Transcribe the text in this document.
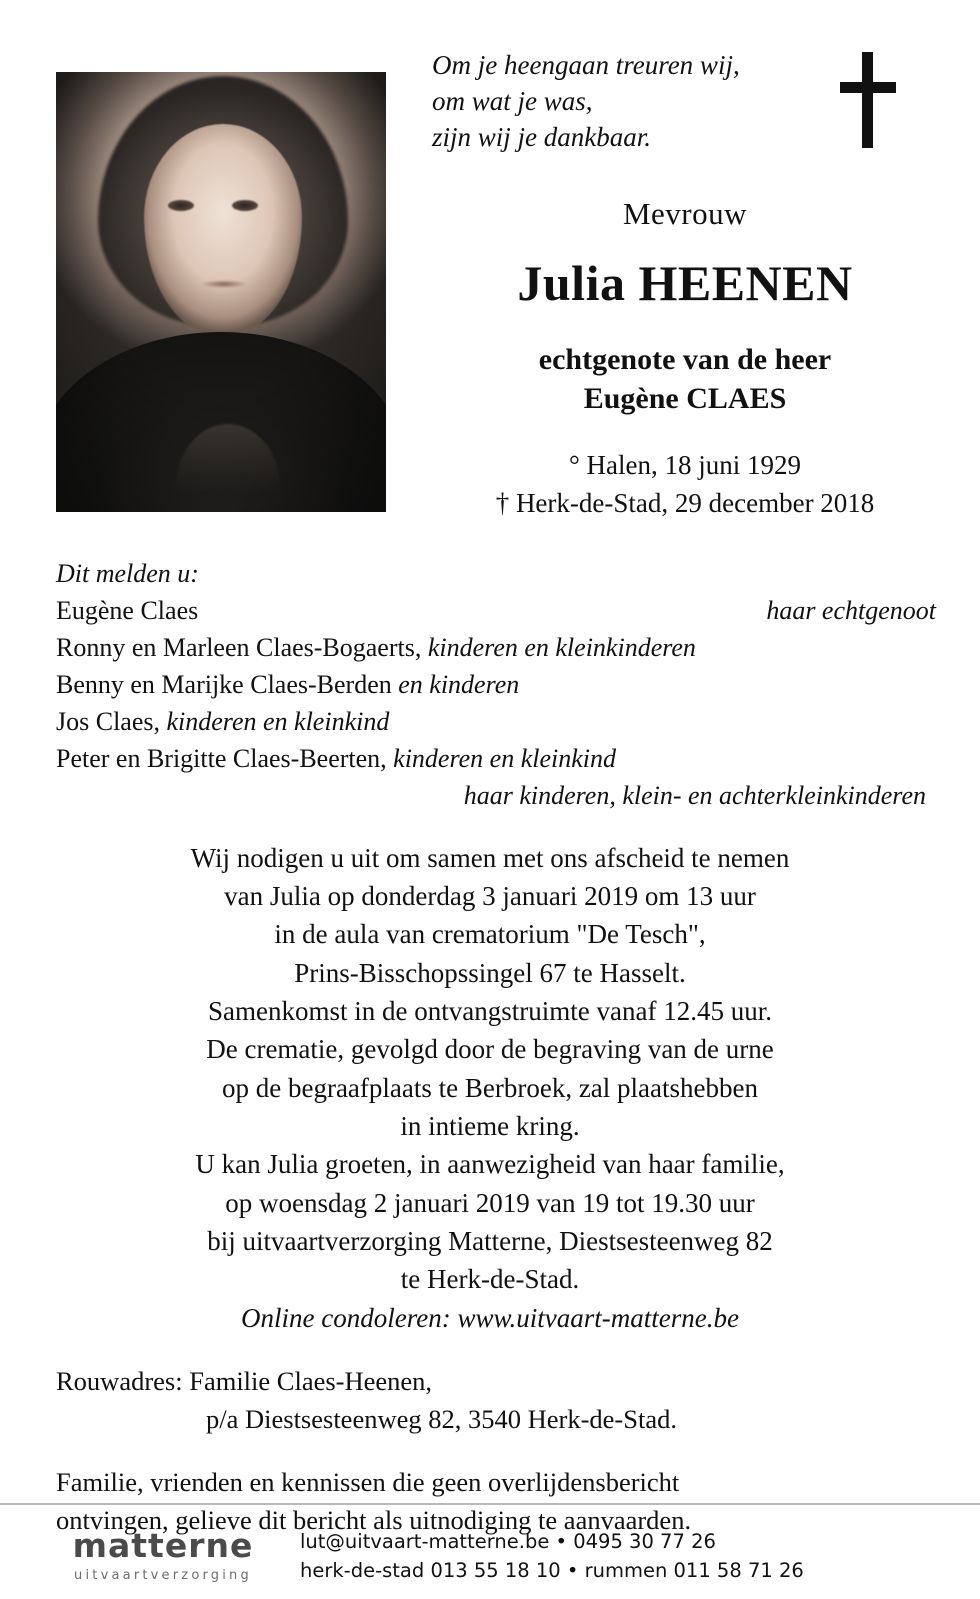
Om je heengaan treuren wij,
om wat je was,
zijn wij je dankbaar.
Mevrouw
Julia HEENEN
echtgenote van de heer
Eugène CLAES
° Halen, 18 juni 1929
† Herk-de-Stad, 29 december 2018
Dit melden u:
Eugène Claes	haar echtgenoot
Ronny en Marleen Claes-Bogaerts, kinderen en kleinkinderen
Benny en Marijke Claes-Berden en kinderen
Jos Claes, kinderen en kleinkind
Peter en Brigitte Claes-Beerten, kinderen en kleinkind
haar kinderen, klein- en achterkleinkinderen
Wij nodigen u uit om samen met ons afscheid te nemen
van Julia op donderdag 3 januari 2019 om 13 uur
in de aula van crematorium "De Tesch",
Prins-Bisschopssingel 67 te Hasselt.
Samenkomst in de ontvangstruimte vanaf 12.45 uur.
De crematie, gevolgd door de begraving van de urne
op de begraafplaats te Berbroek, zal plaatshebben
in intieme kring.
U kan Julia groeten, in aanwezigheid van haar familie,
op woensdag 2 januari 2019 van 19 tot 19.30 uur
bij uitvaartverzorging Matterne, Diestsesteenweg 82
te Herk-de-Stad.
Online condoleren: www.uitvaart-matterne.be
Rouwadres: Familie Claes-Heenen,
p/a Diestsesteenweg 82, 3540 Herk-de-Stad.
Familie, vrienden en kennissen die geen overlijdensbericht
ontvingen, gelieve dit bericht als uitnodiging te aanvaarden.
matterne
uitvaartverzorging
lut@uitvaart-matterne.be • 0495 30 77 26
herk-de-stad 013 55 18 10 • rummen 011 58 71 26
